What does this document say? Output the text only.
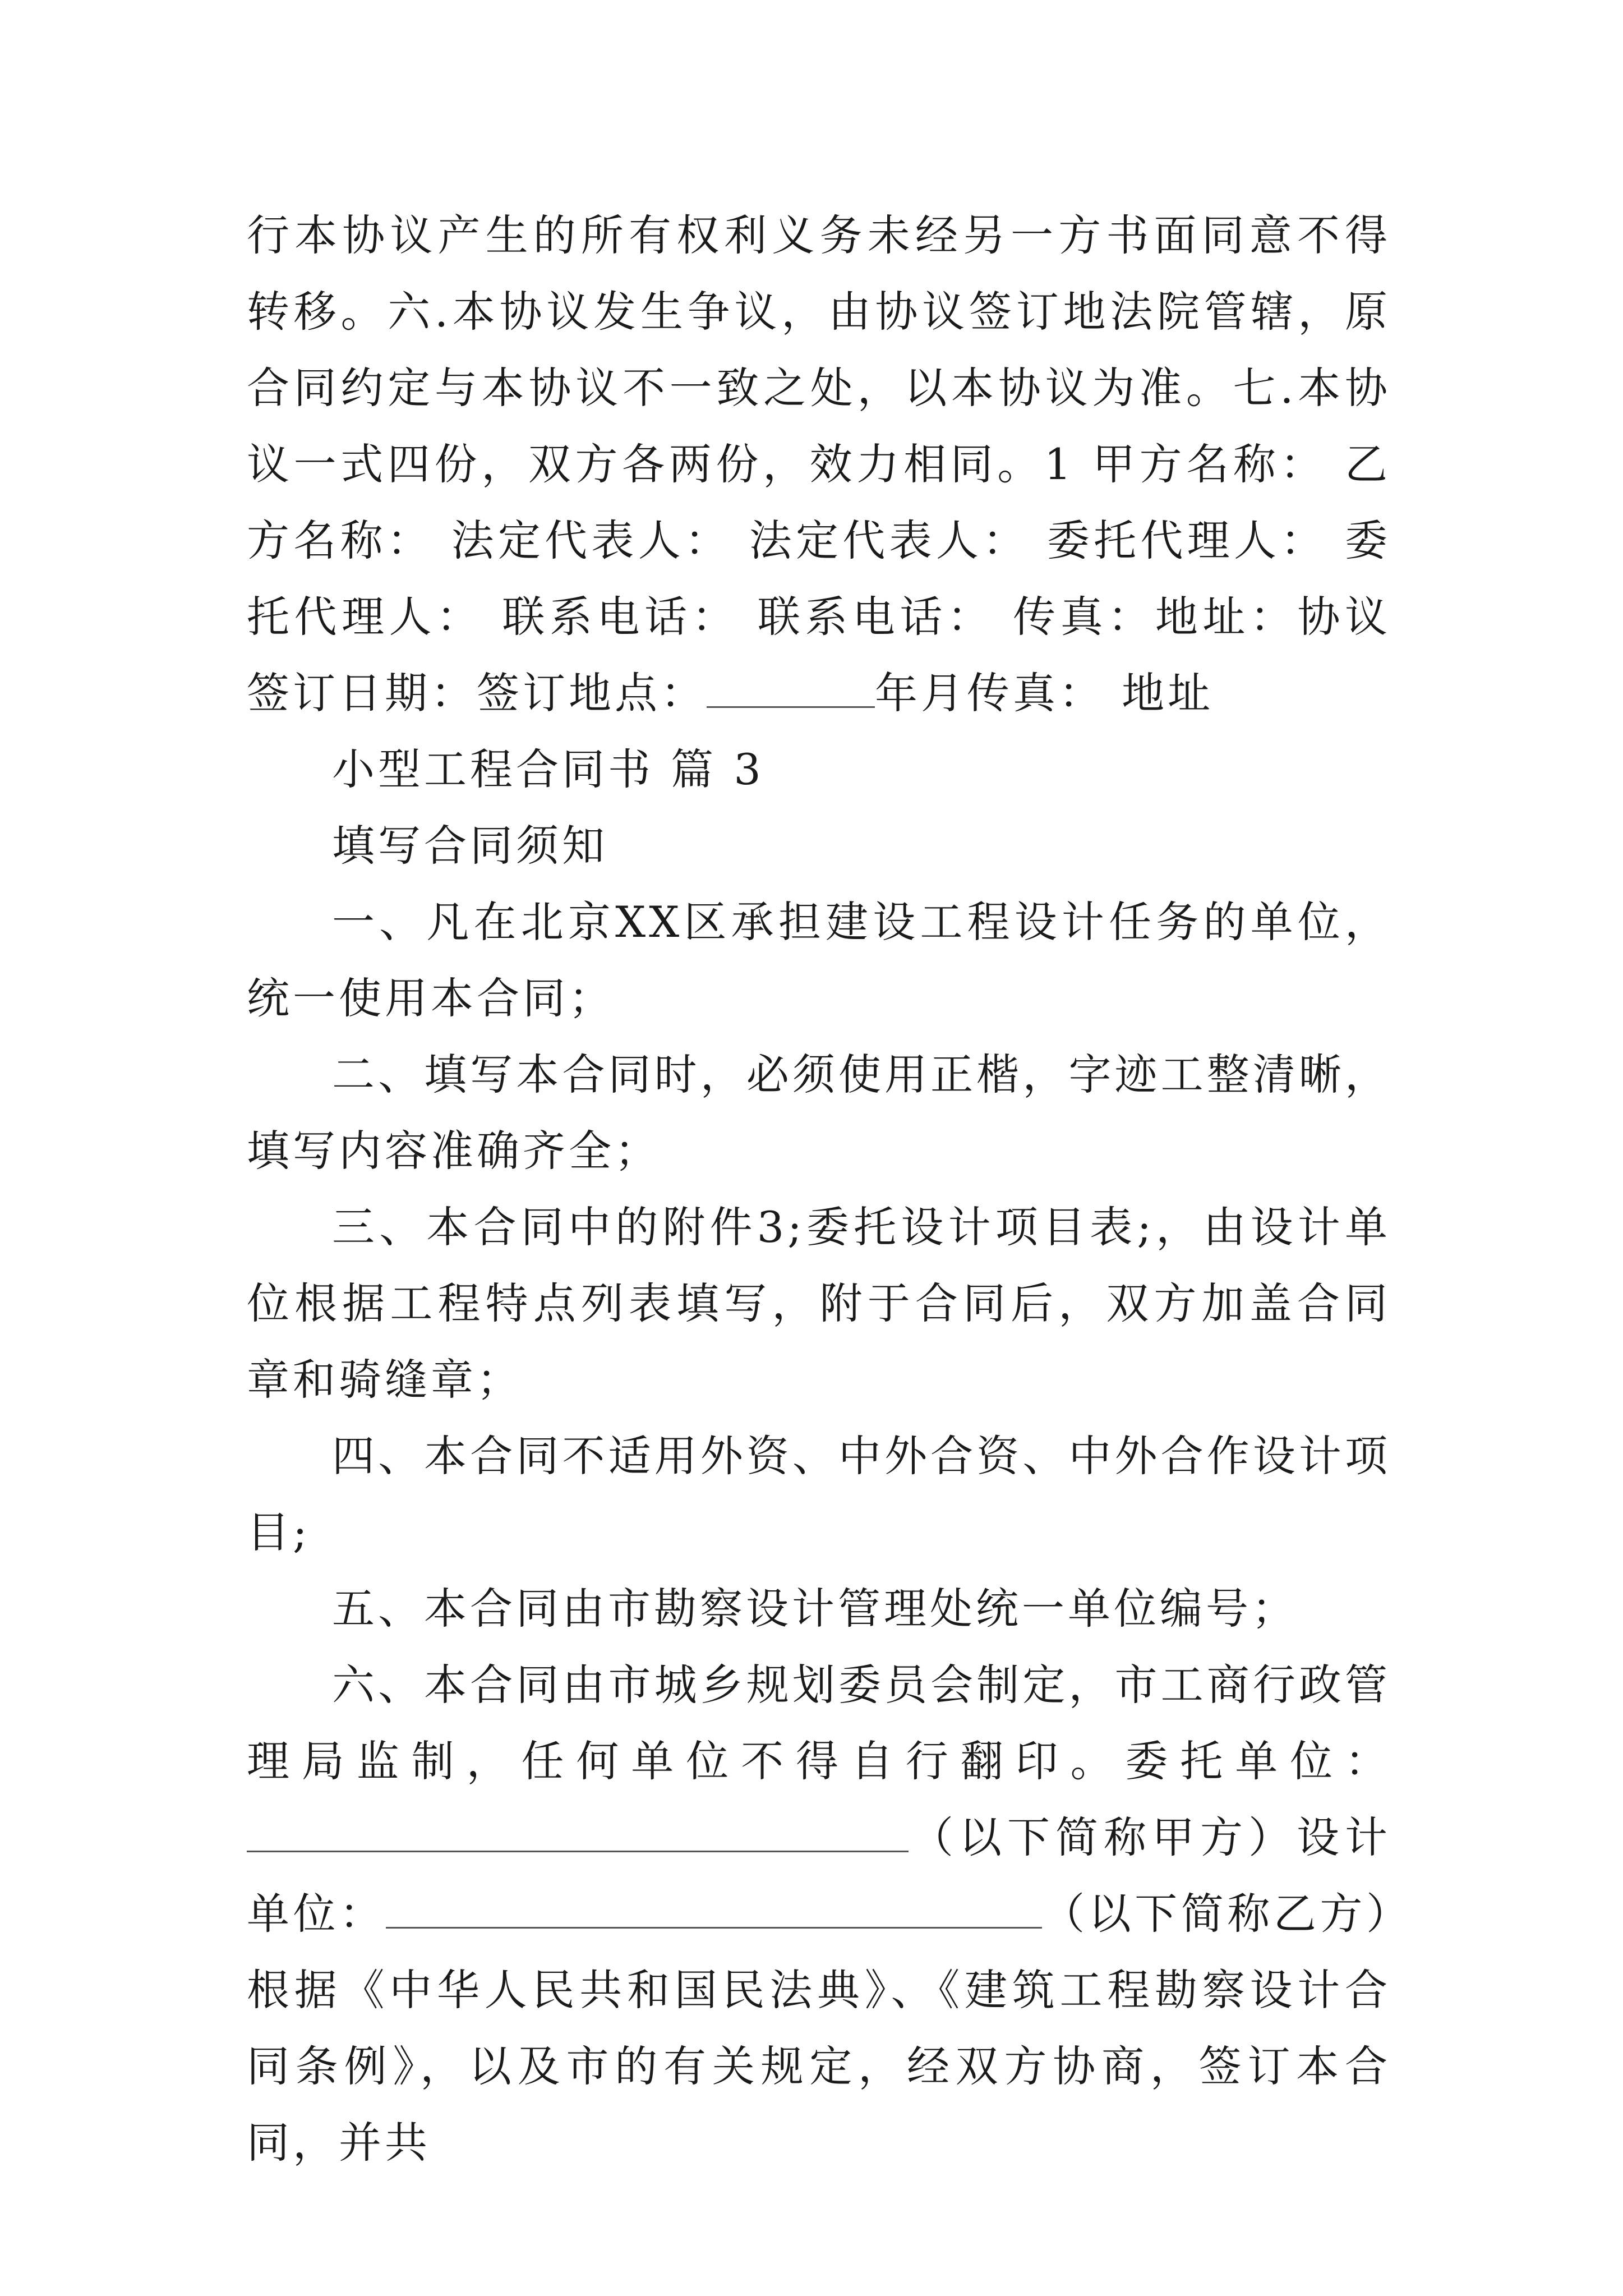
行本协议产生的所有权利义务未经另一方书面同意不得转移。六.本协议发生争议，由协议签订地法院管辖，原合同约定与本协议不一致之处，以本协议为准。七.本协议一式四份，双方各两份，效力相同。1 甲方名称： 乙方名称： 法定代表人： 法定代表人： 委托代理人： 委托代理人： 联系电话： 联系电话： 传真：地址：协议签订日期：签订地点：	年月传真： 地址

小型工程合同书 篇 3

填写合同须知

一、凡在北京XX区承担建设工程设计任务的单位，统一使用本合同；

二、填写本合同时，必须使用正楷，字迹工整清晰，填写内容准确齐全；

三、本合同中的附件3;委托设计项目表;，由设计单位根据工程特点列表填写，附于合同后，双方加盖合同章和骑缝章；

四、本合同不适用外资、中外合资、中外合作设计项目;

五、本合同由市勘察设计管理处统一单位编号；

六、本合同由市城乡规划委员会制定，市工商行政管理局监制，任何单位不得自行翻印。委托单位：（以下简称甲方）设计单位：	（以下简称乙方）根据《中华人民共和国民法典》、《建筑工程勘察设计合同条例》，以及市的有关规定，经双方协商，签订本合同，并共
